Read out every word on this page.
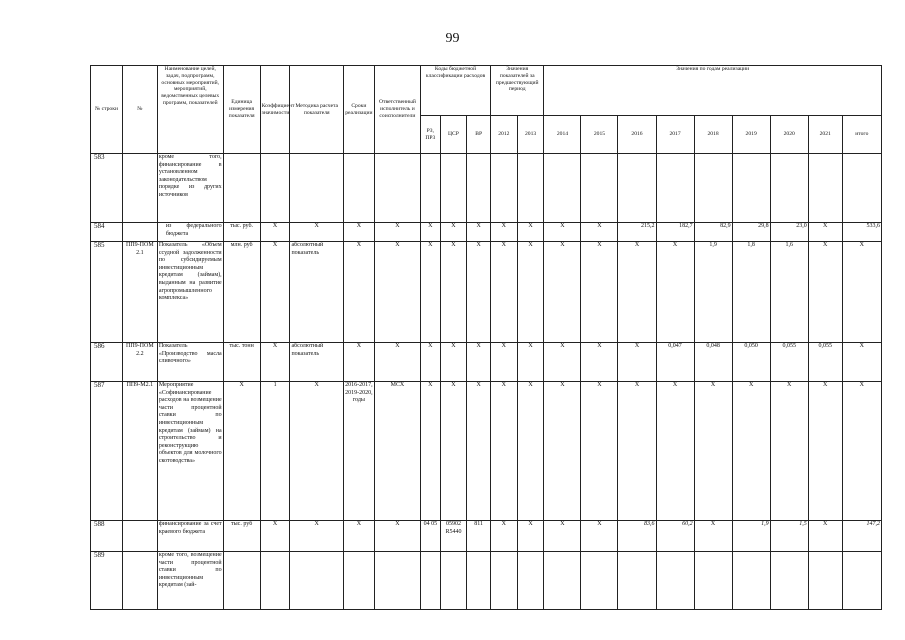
99
№ строки	№	Наименование целей, задач, подпрограмм, основных мероприятий, мероприятий, ведомственных целевых программ, показателей	Единица измерения показателя	Коэффициент значимости	Методика расчета показателя	Сроки реализации	Ответственный исполнитель и соисполнители	Коды бюджетной классификации расходов			Значения показателей за предшествующий период		Значения по годам реализации								
								РЗ, ПР3	ЦСР	ВР	2012	2013	2014	2015	2016	2017	2018	2019	2020	2021	итого
583		кроме того, финансирование в установленном законодательством порядке из других источников																			
584		из федерального бюджета	тыс. руб.	X	X	X	X	X	X	X	X	X	X	X	215,2	182,7	82,9	29,8	23,0	X	533,6
585	ПП9-ПОМ 2.1	Показатель «Объем ссудной задолженности по субсидируемым инвестиционным кредитам (займам), выданным на развитие агропромышленного комплекса»	млн. руб	X	абсолютный показатель	X	X	X	X	X	X	X	X	X	X	X	1,9	1,8	1,6	X	X
586	ПП9-ПОМ 2.2	Показатель «Производство масла сливочного»	тыс. тонн	X	абсолютный показатель	X	X	X	X	X	X	X	X	X	X	0,047	0,048	0,050	0,055	0,055	X
587	ПП9-М2.1	Мероприятие «Софинансирование расходов на возмещение части процентной ставки по инвестиционным кредитам (займам) на строительство и реконструкцию объектов для молочного скотоводства»	X	1	X	2016-2017, 2019-2020, годы	МСХ	X	X	X	X	X	X	X	X	X	X	X	X	X	X
588		финансирование за счет краевого бюджета	тыс. руб	X	X	X	X	04 05	05902 R5440	811	X	X	X	X	83,6	60,2	X	1,9	1,5	X	147,2
589		кроме того, возмещение части процентной ставки по инвестиционным кредитам (зай-																			
